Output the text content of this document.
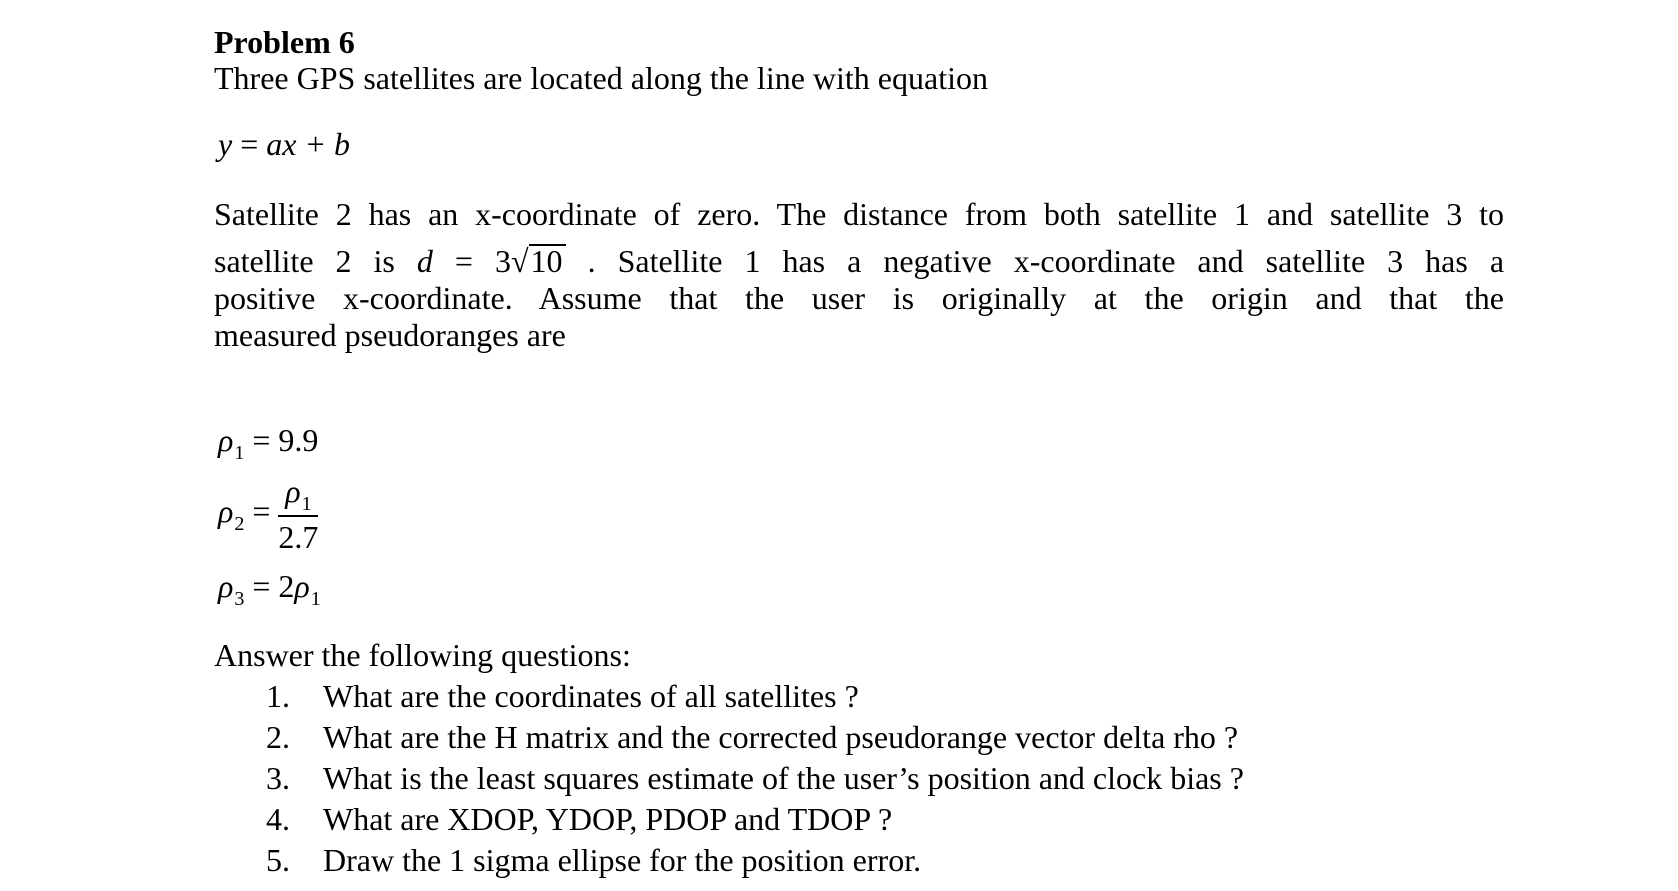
Problem 6
Three GPS satellites are located along the line with equation
y = ax + b
Satellite 2 has an x-coordinate of zero. The distance from both satellite 1 and satellite 3 to
satellite 2 is d = 3√10 . Satellite 1 has a negative x-coordinate and satellite 3 has a
positive x-coordinate. Assume that the user is originally at the origin and that the
measured pseudoranges are
$\rho_1 = 9.9$
$\rho_2 = \frac{\rho_1}{2.7}$
$\rho_3 = 2\rho_1$
Answer the following questions:
1. What are the coordinates of all satellites ?
2. What are the H matrix and the corrected pseudorange vector delta rho ?
3. What is the least squares estimate of the user’s position and clock bias ?
4. What are XDOP, YDOP, PDOP and TDOP ?
5. Draw the 1 sigma ellipse for the position error.
